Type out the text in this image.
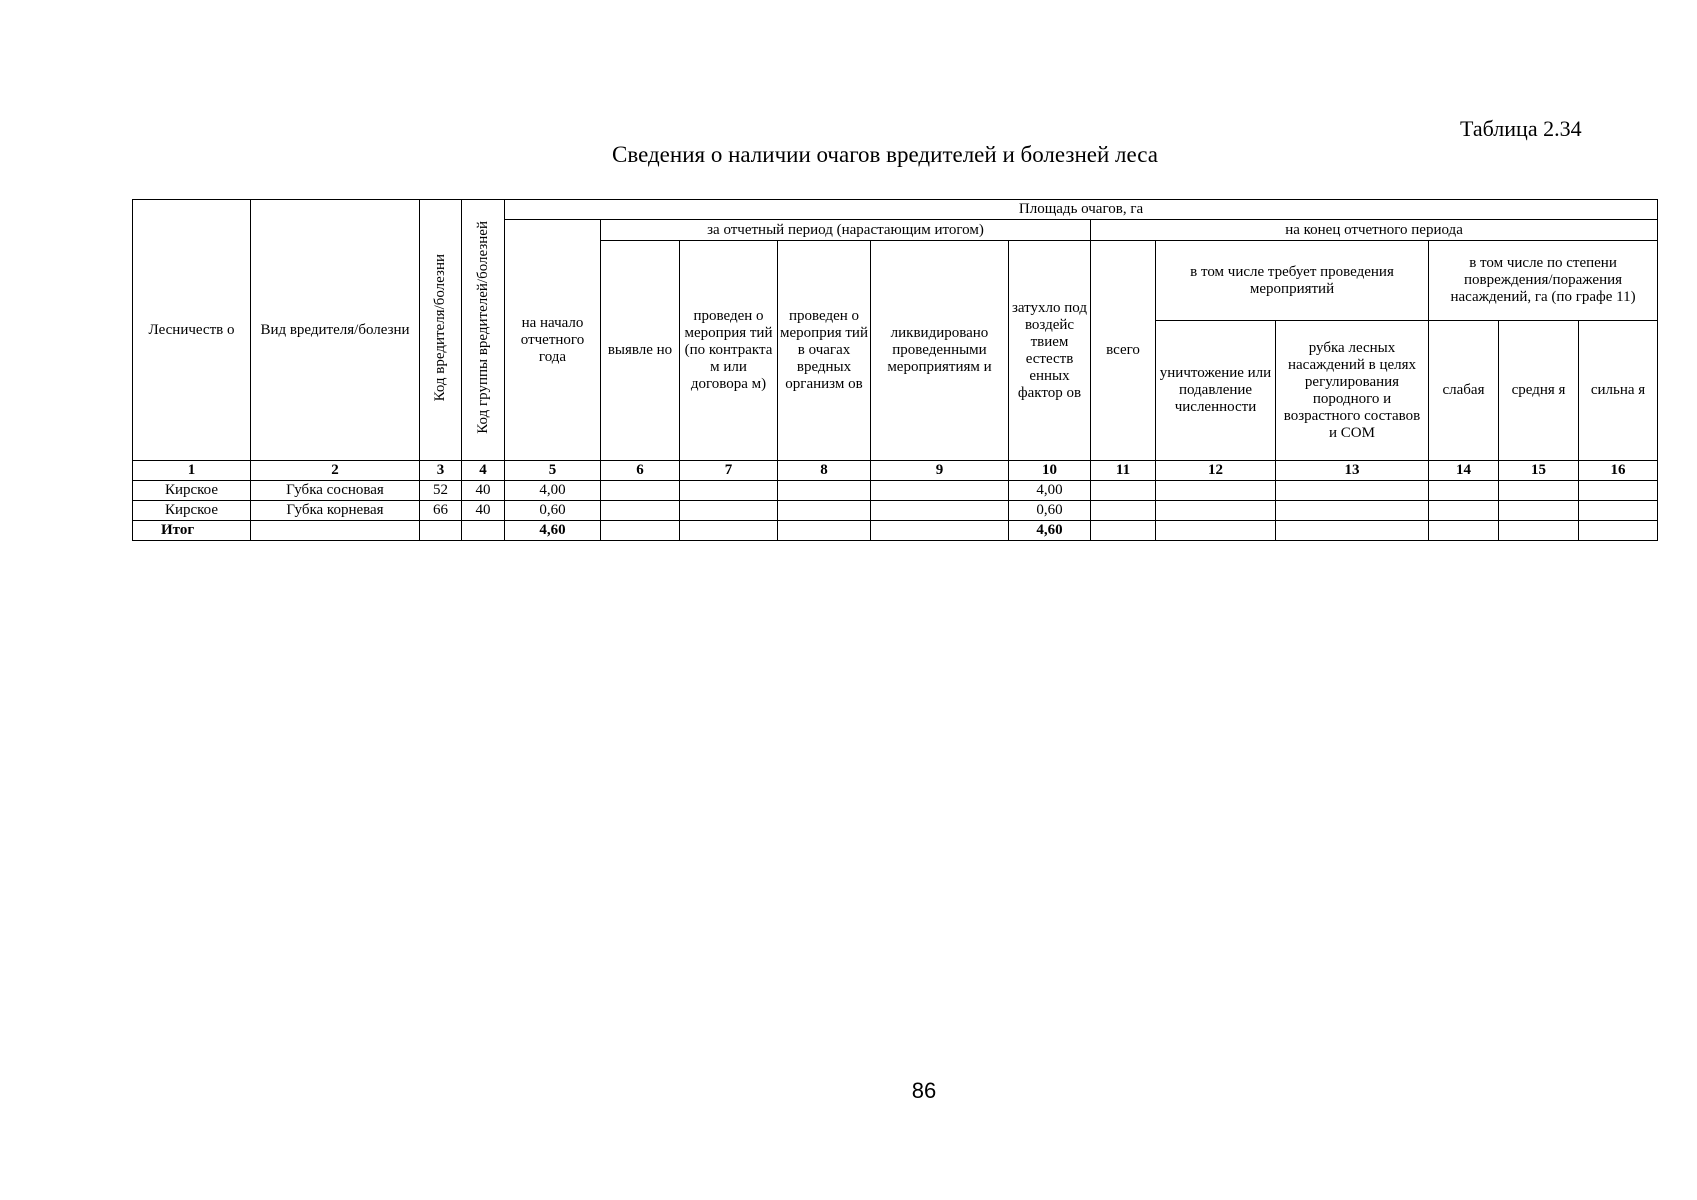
Таблица 2.34
Сведения о наличии очагов вредителей и болезней леса
Лесничеств о	Вид вредителя/болезни	Код вредителя/болезни	Код группы вредителей/болезней	Площадь очагов, га											
				на начало отчетного года	за отчетный период (нарастающим итогом)					на конец отчетного периода					
					выявле но	проведен о мероприя тий (по контракта м или договора м)	проведен о мероприя тий в очагах вредных организм ов	ликвидировано проведенными мероприятиям и	затухло под воздейс твием естеств енных фактор ов	всего	в том числе требует проведения мероприятий		в том числе по степени повреждения/поражения насаждений, га (по графе 11)		
											уничтожение или подавление численности	рубка лесных насаждений в целях регулирования породного и возрастного составов и СОМ	слабая	средня я	сильна я
1	2	3	4	5	6	7	8	9	10	11	12	13	14	15	16
Кирское	Губка сосновая	52	40	4,00					4,00						
Кирское	Губка корневая	66	40	0,60					0,60						
Итог				4,60					4,60						
86
